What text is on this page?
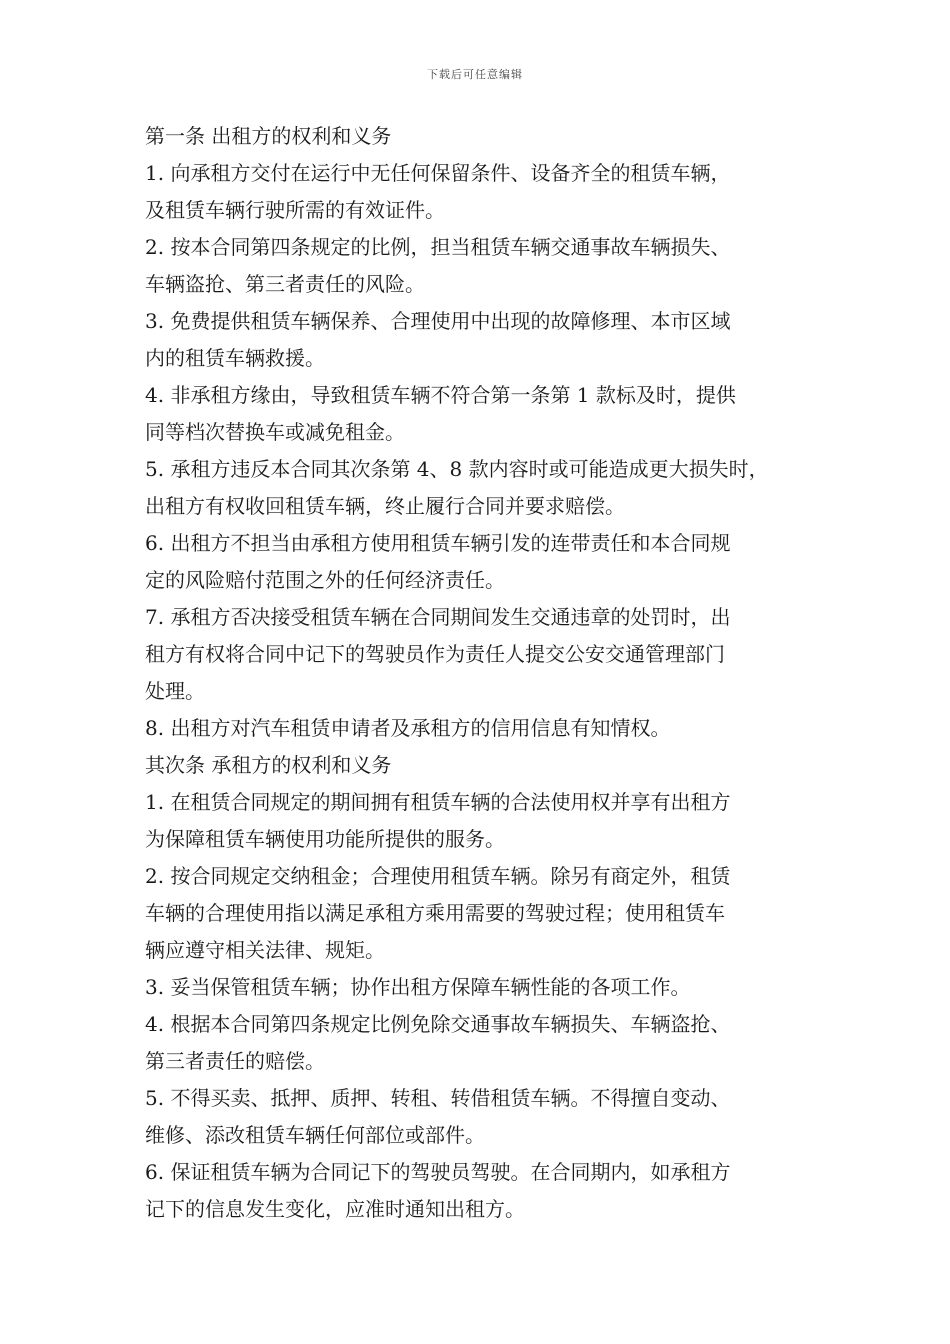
下载后可任意编辑
第一条 出租方的权利和义务
1. 向承租方交付在运行中无任何保留条件、设备齐全的租赁车辆，
及租赁车辆行驶所需的有效证件。
2. 按本合同第四条规定的比例，担当租赁车辆交通事故车辆损失、
车辆盗抢、第三者责任的风险。
3. 免费提供租赁车辆保养、合理使用中出现的故障修理、本市区域
内的租赁车辆救援。
4. 非承租方缘由，导致租赁车辆不符合第一条第 1 款标及时，提供
同等档次替换车或减免租金。
5. 承租方违反本合同其次条第 4、8 款内容时或可能造成更大损失时，
出租方有权收回租赁车辆，终止履行合同并要求赔偿。
6. 出租方不担当由承租方使用租赁车辆引发的连带责任和本合同规
定的风险赔付范围之外的任何经济责任。
7. 承租方否决接受租赁车辆在合同期间发生交通违章的处罚时，出
租方有权将合同中记下的驾驶员作为责任人提交公安交通管理部门
处理。
8. 出租方对汽车租赁申请者及承租方的信用信息有知情权。
其次条 承租方的权利和义务
1. 在租赁合同规定的期间拥有租赁车辆的合法使用权并享有出租方
为保障租赁车辆使用功能所提供的服务。
2. 按合同规定交纳租金；合理使用租赁车辆。除另有商定外，租赁
车辆的合理使用指以满足承租方乘用需要的驾驶过程；使用租赁车
辆应遵守相关法律、规矩。
3. 妥当保管租赁车辆；协作出租方保障车辆性能的各项工作。
4. 根据本合同第四条规定比例免除交通事故车辆损失、车辆盗抢、
第三者责任的赔偿。
5. 不得买卖、抵押、质押、转租、转借租赁车辆。不得擅自变动、
维修、添改租赁车辆任何部位或部件。
6. 保证租赁车辆为合同记下的驾驶员驾驶。在合同期内，如承租方
记下的信息发生变化，应准时通知出租方。
